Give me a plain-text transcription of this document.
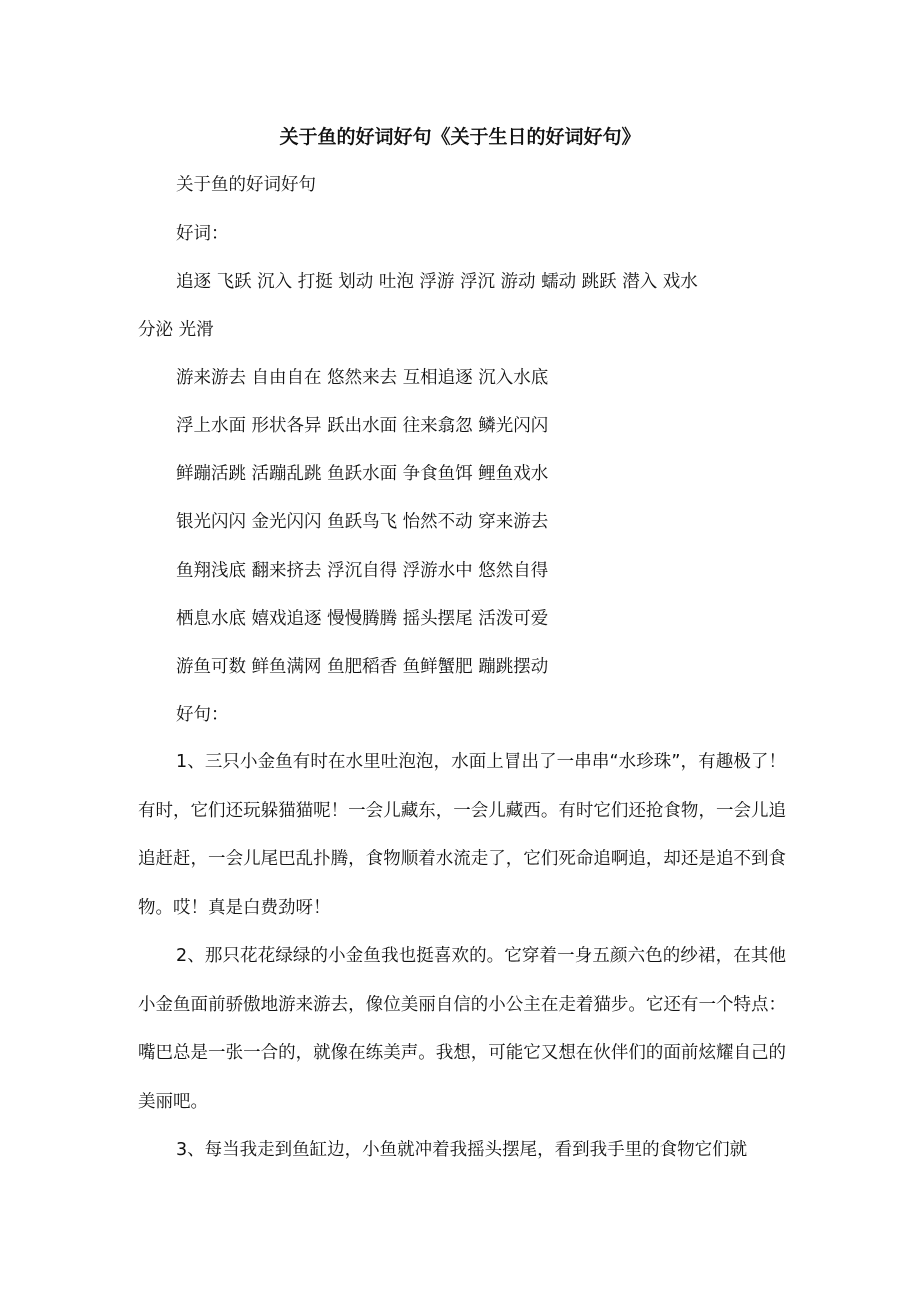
关于鱼的好词好句《关于生日的好词好句》

关于鱼的好词好句

好词：

追逐 飞跃 沉入 打挺 划动 吐泡 浮游 浮沉 游动 蠕动 跳跃 潜入 戏水

分泌 光滑

游来游去 自由自在 悠然来去 互相追逐 沉入水底

浮上水面 形状各异 跃出水面 往来翕忽 鳞光闪闪

鲜蹦活跳 活蹦乱跳 鱼跃水面 争食鱼饵 鲤鱼戏水

银光闪闪 金光闪闪 鱼跃鸟飞 怡然不动 穿来游去

鱼翔浅底 翻来挤去 浮沉自得 浮游水中 悠然自得

栖息水底 嬉戏追逐 慢慢腾腾 摇头摆尾 活泼可爱

游鱼可数 鲜鱼满网 鱼肥稻香 鱼鲜蟹肥 蹦跳摆动

好句：

1、三只小金鱼有时在水里吐泡泡，水面上冒出了一串串“水珍珠”，有趣极了！有时，它们还玩躲猫猫呢！一会儿藏东，一会儿藏西。有时它们还抢食物，一会儿追追赶赶，一会儿尾巴乱扑腾，食物顺着水流走了，它们死命追啊追，却还是追不到食物。哎！真是白费劲呀！

2、那只花花绿绿的小金鱼我也挺喜欢的。它穿着一身五颜六色的纱裙，在其他小金鱼面前骄傲地游来游去，像位美丽自信的小公主在走着猫步。它还有一个特点：嘴巴总是一张一合的，就像在练美声。我想，可能它又想在伙伴们的面前炫耀自己的美丽吧。

3、每当我走到鱼缸边，小鱼就冲着我摇头摆尾，看到我手里的食物它们就
